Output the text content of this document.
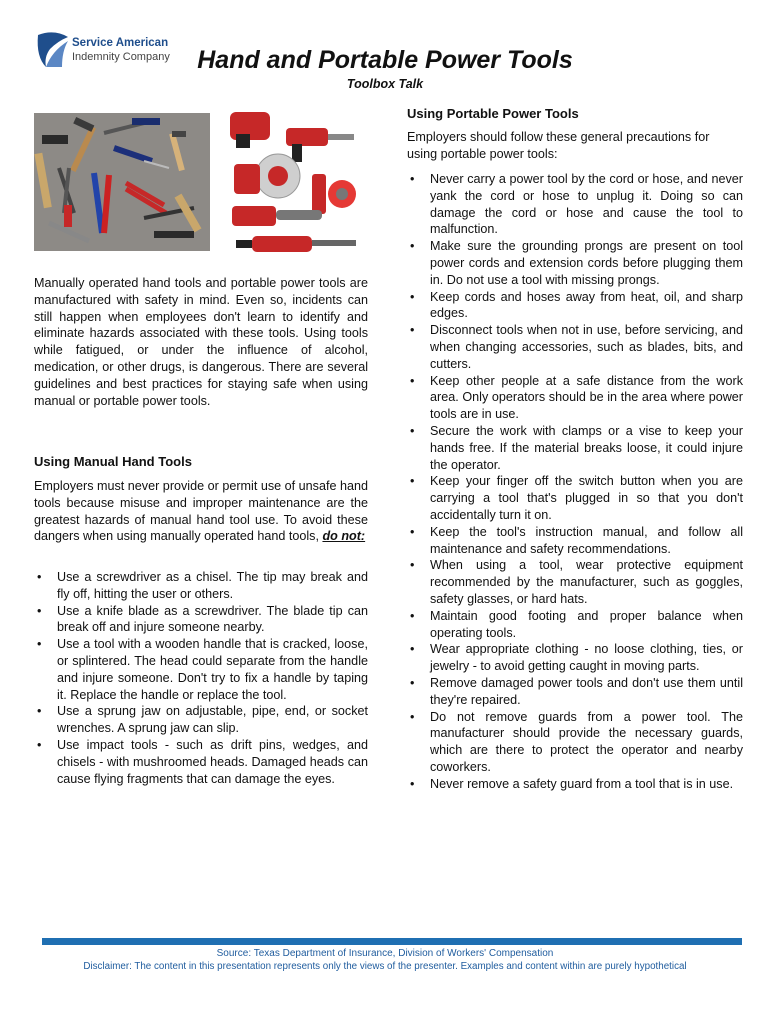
Service American
Indemnity Company	Hand and Portable Power Tools
Toolbox Talk
Manually operated hand tools and portable power tools are manufactured with safety in mind. Even so, incidents can still happen when employees don't learn to identify and eliminate hazards associated with these tools. Using tools while fatigued, or under the influence of alcohol, medication, or other drugs, is dangerous. There are several guidelines and best practices for staying safe when using manual or portable power tools.
Using Manual Hand Tools
Employers must never provide or permit use of unsafe hand tools because misuse and improper maintenance are the greatest hazards of manual hand tool use. To avoid these dangers when using manually operated hand tools, do not:
• Use a screwdriver as a chisel. The tip may break and fly off, hitting the user or others.
• Use a knife blade as a screwdriver. The blade tip can break off and injure someone nearby.
• Use a tool with a wooden handle that is cracked, loose, or splintered. The head could separate from the handle and injure someone. Don't try to fix a handle by taping it. Replace the handle or replace the tool.
• Use a sprung jaw on adjustable, pipe, end, or socket wrenches. A sprung jaw can slip.
• Use impact tools - such as drift pins, wedges, and chisels - with mushroomed heads. Damaged heads can cause flying fragments that can damage the eyes.
Using Portable Power Tools
Employers should follow these general precautions for using portable power tools:
• Never carry a power tool by the cord or hose, and never yank the cord or hose to unplug it. Doing so can damage the cord or hose and cause the tool to malfunction.
• Make sure the grounding prongs are present on tool power cords and extension cords before plugging them in. Do not use a tool with missing prongs.
• Keep cords and hoses away from heat, oil, and sharp edges.
• Disconnect tools when not in use, before servicing, and when changing accessories, such as blades, bits, and cutters.
• Keep other people at a safe distance from the work area. Only operators should be in the area where power tools are in use.
• Secure the work with clamps or a vise to keep your hands free. If the material breaks loose, it could injure the operator.
• Keep your finger off the switch button when you are carrying a tool that's plugged in so that you don't accidentally turn it on.
• Keep the tool's instruction manual, and follow all maintenance and safety recommendations.
• When using a tool, wear protective equipment recommended by the manufacturer, such as goggles, safety glasses, or hard hats.
• Maintain good footing and proper balance when operating tools.
• Wear appropriate clothing - no loose clothing, ties, or jewelry - to avoid getting caught in moving parts.
• Remove damaged power tools and don't use them until they're repaired.
• Do not remove guards from a power tool. The manufacturer should provide the necessary guards, which are there to protect the operator and nearby coworkers.
• Never remove a safety guard from a tool that is in use.
Source: Texas Department of Insurance, Division of Workers' Compensation
Disclaimer: The content in this presentation represents only the views of the presenter. Examples and content within are purely hypothetical
